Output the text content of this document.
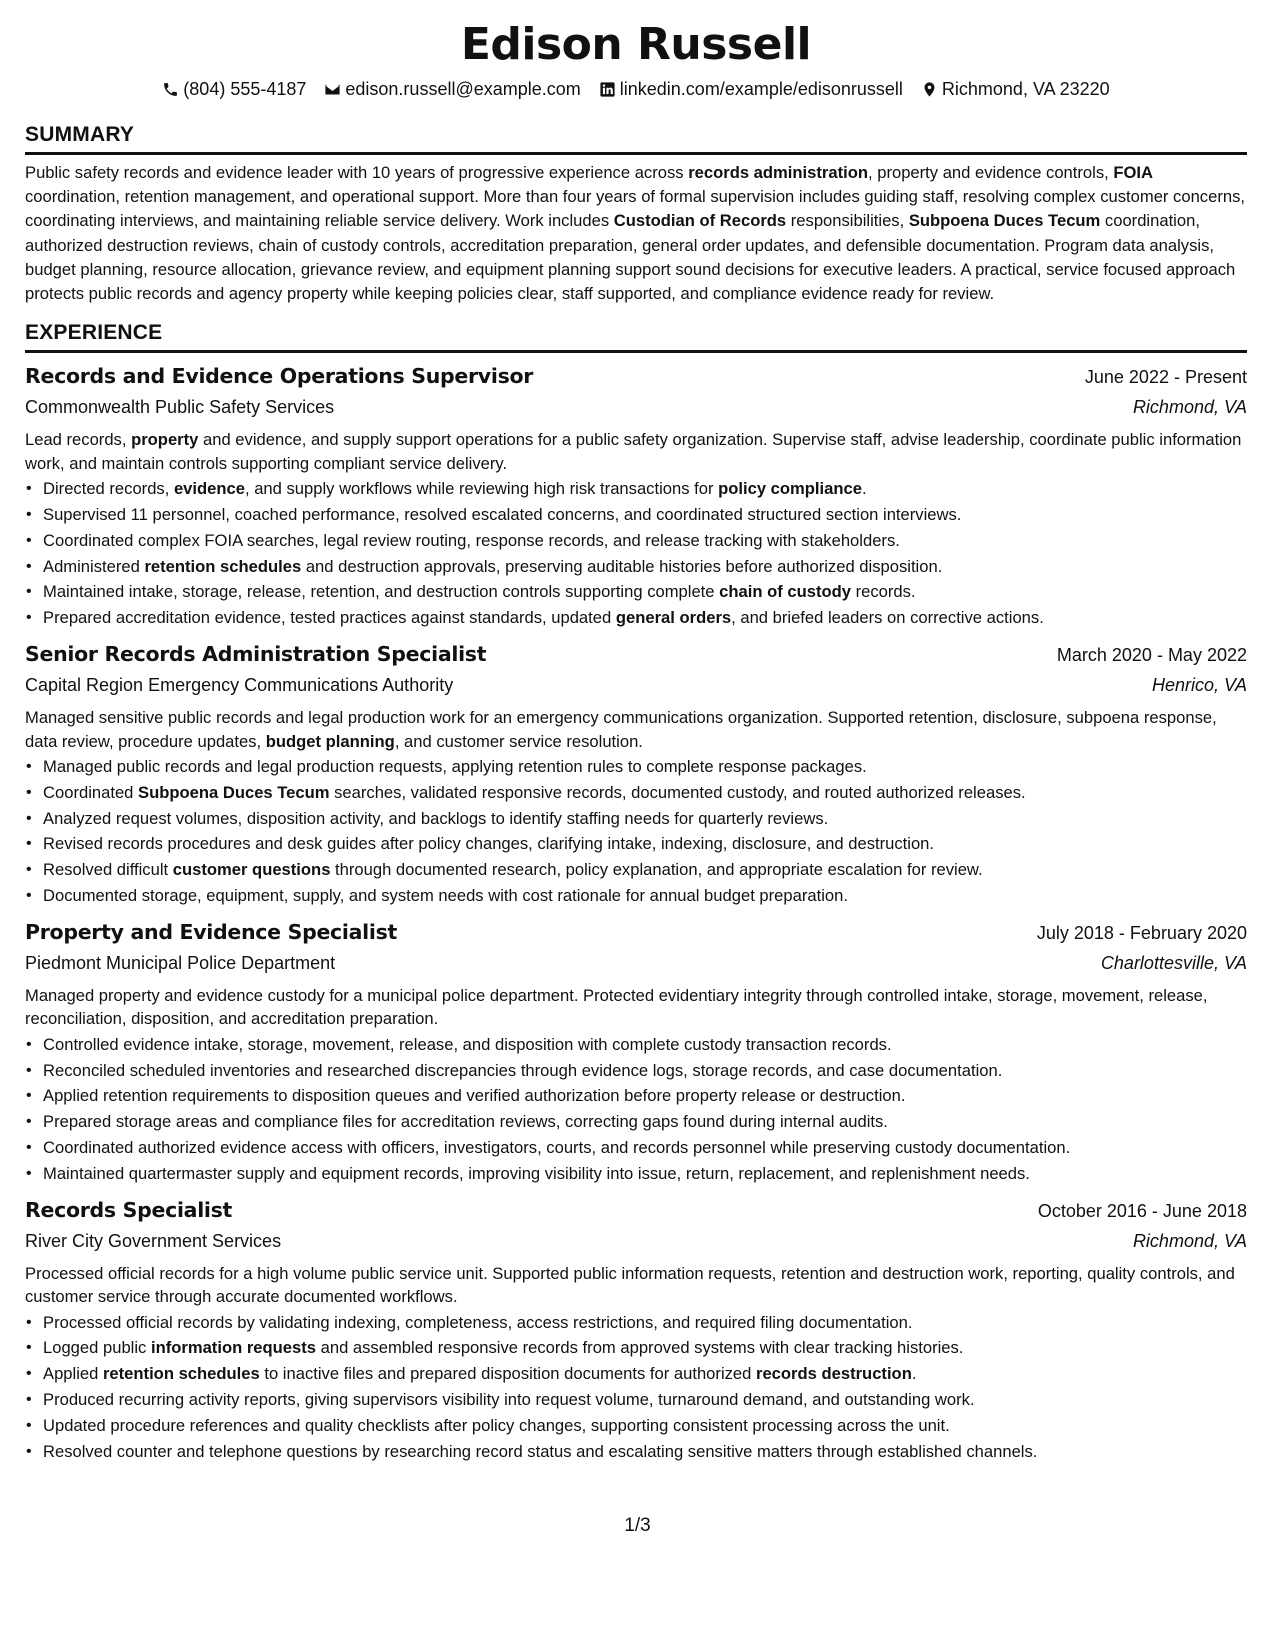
Edison Russell
(804) 555-4187 edison.russell@example.com linkedin.com/example/edisonrussell Richmond, VA 23220
SUMMARY

Public safety records and evidence leader with 10 years of progressive experience across records administration, property and evidence controls, FOIA coordination, retention management, and operational support. More than four years of formal supervision includes guiding staff, resolving complex customer concerns, coordinating interviews, and maintaining reliable service delivery. Work includes Custodian of Records responsibilities, Subpoena Duces Tecum coordination, authorized destruction reviews, chain of custody controls, accreditation preparation, general order updates, and defensible documentation. Program data analysis, budget planning, resource allocation, grievance review, and equipment planning support sound decisions for executive leaders. A practical, service focused approach protects public records and agency property while keeping policies clear, staff supported, and compliance evidence ready for review.

EXPERIENCE
Records and Evidence Operations Supervisor	June 2022 - Present
Commonwealth Public Safety Services	Richmond, VA

Lead records, property and evidence, and supply support operations for a public safety organization. Supervise staff, advise leadership, coordinate public information work, and maintain controls supporting compliant service delivery.

• Directed records, evidence, and supply workflows while reviewing high risk transactions for policy compliance.
• Supervised 11 personnel, coached performance, resolved escalated concerns, and coordinated structured section interviews.
• Coordinated complex FOIA searches, legal review routing, response records, and release tracking with stakeholders.
• Administered retention schedules and destruction approvals, preserving auditable histories before authorized disposition.
• Maintained intake, storage, release, retention, and destruction controls supporting complete chain of custody records.
• Prepared accreditation evidence, tested practices against standards, updated general orders, and briefed leaders on corrective actions.
Senior Records Administration Specialist	March 2020 - May 2022
Capital Region Emergency Communications Authority	Henrico, VA

Managed sensitive public records and legal production work for an emergency communications organization. Supported retention, disclosure, subpoena response, data review, procedure updates, budget planning, and customer service resolution.

• Managed public records and legal production requests, applying retention rules to complete response packages.
• Coordinated Subpoena Duces Tecum searches, validated responsive records, documented custody, and routed authorized releases.
• Analyzed request volumes, disposition activity, and backlogs to identify staffing needs for quarterly reviews.
• Revised records procedures and desk guides after policy changes, clarifying intake, indexing, disclosure, and destruction.
• Resolved difficult customer questions through documented research, policy explanation, and appropriate escalation for review.
• Documented storage, equipment, supply, and system needs with cost rationale for annual budget preparation.
Property and Evidence Specialist	July 2018 - February 2020
Piedmont Municipal Police Department	Charlottesville, VA

Managed property and evidence custody for a municipal police department. Protected evidentiary integrity through controlled intake, storage, movement, release, reconciliation, disposition, and accreditation preparation.

• Controlled evidence intake, storage, movement, release, and disposition with complete custody transaction records.
• Reconciled scheduled inventories and researched discrepancies through evidence logs, storage records, and case documentation.
• Applied retention requirements to disposition queues and verified authorization before property release or destruction.
• Prepared storage areas and compliance files for accreditation reviews, correcting gaps found during internal audits.
• Coordinated authorized evidence access with officers, investigators, courts, and records personnel while preserving custody documentation.
• Maintained quartermaster supply and equipment records, improving visibility into issue, return, replacement, and replenishment needs.
Records Specialist	October 2016 - June 2018
River City Government Services	Richmond, VA

Processed official records for a high volume public service unit. Supported public information requests, retention and destruction work, reporting, quality controls, and customer service through accurate documented workflows.

• Processed official records by validating indexing, completeness, access restrictions, and required filing documentation.
• Logged public information requests and assembled responsive records from approved systems with clear tracking histories.
• Applied retention schedules to inactive files and prepared disposition documents for authorized records destruction.
• Produced recurring activity reports, giving supervisors visibility into request volume, turnaround demand, and outstanding work.
• Updated procedure references and quality checklists after policy changes, supporting consistent processing across the unit.
• Resolved counter and telephone questions by researching record status and escalating sensitive matters through established channels.
1/3
